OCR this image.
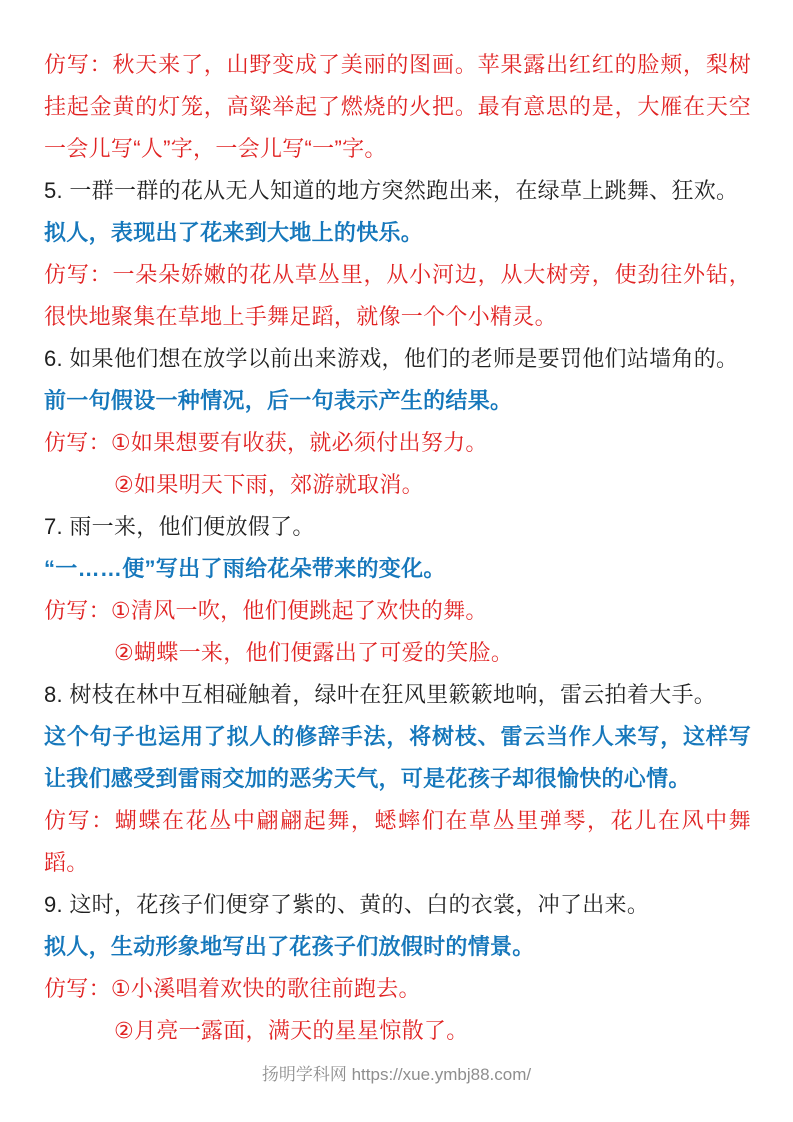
仿写：秋天来了，山野变成了美丽的图画。苹果露出红红的脸颊，梨树挂起金黄的灯笼，高粱举起了燃烧的火把。最有意思的是，大雁在天空一会儿写“人”字，一会儿写“一”字。

5. 一群一群的花从无人知道的地方突然跑出来，在绿草上跳舞、狂欢。

拟人，表现出了花来到大地上的快乐。

仿写：一朵朵娇嫩的花从草丛里，从小河边，从大树旁，使劲往外钻，很快地聚集在草地上手舞足蹈，就像一个个小精灵。

6. 如果他们想在放学以前出来游戏，他们的老师是要罚他们站墙角的。

前一句假设一种情况，后一句表示产生的结果。

仿写：①如果想要有收获，就必须付出努力。

②如果明天下雨，郊游就取消。

7. 雨一来，他们便放假了。

“一……便”写出了雨给花朵带来的变化。

仿写：①清风一吹，他们便跳起了欢快的舞。

②蝴蝶一来，他们便露出了可爱的笑脸。

8. 树枝在林中互相碰触着，绿叶在狂风里簌簌地响，雷云拍着大手。

这个句子也运用了拟人的修辞手法，将树枝、雷云当作人来写，这样写让我们感受到雷雨交加的恶劣天气，可是花孩子却很愉快的心情。

仿写：蝴蝶在花丛中翩翩起舞，蟋蟀们在草丛里弹琴，花儿在风中舞蹈。

9. 这时，花孩子们便穿了紫的、黄的、白的衣裳，冲了出来。

拟人，生动形象地写出了花孩子们放假时的情景。

仿写：①小溪唱着欢快的歌往前跑去。

②月亮一露面，满天的星星惊散了。

扬明学科网 https://xue.ymbj88.com/
